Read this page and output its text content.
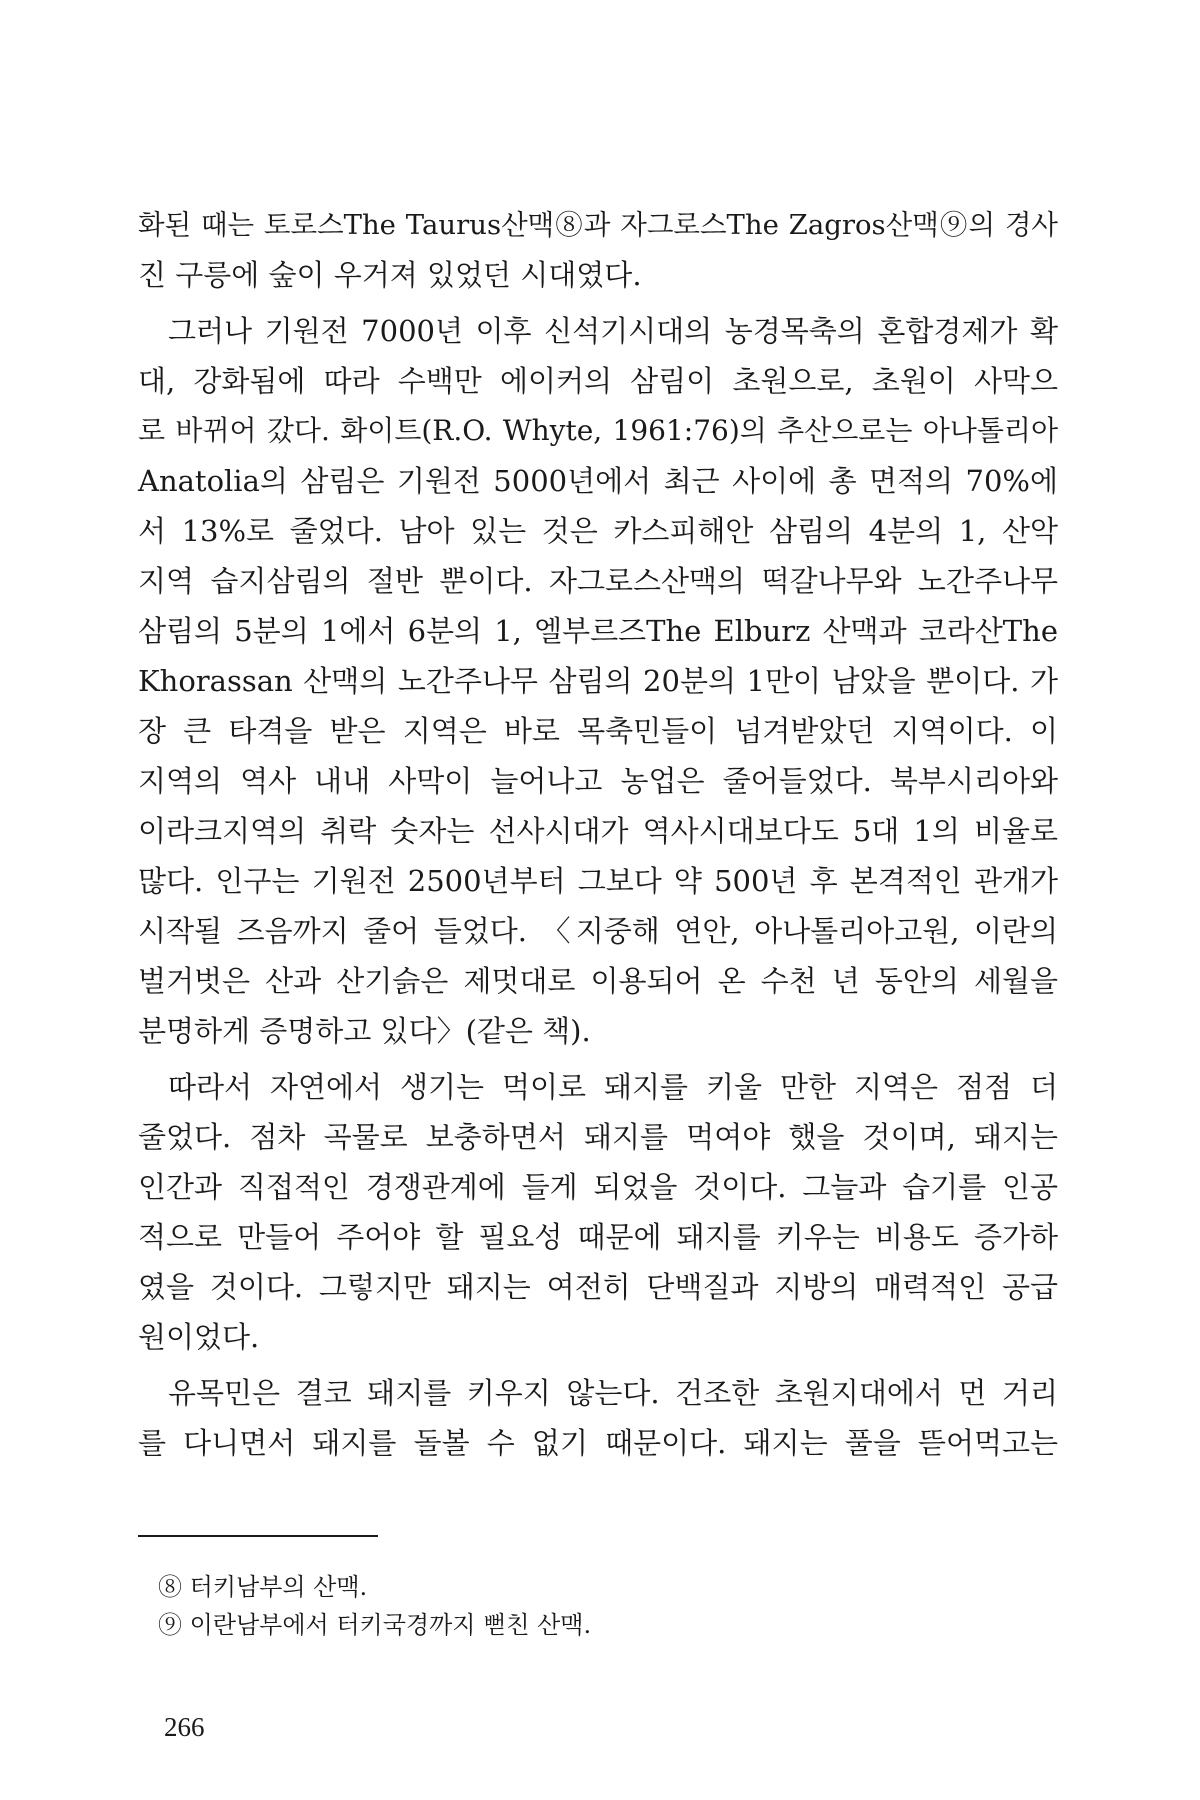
화된 때는 토로스The Taurus산맥⑧과 자그로스The Zagros산맥⑨의 경사
진 구릉에 숲이 우거져 있었던 시대였다.
그러나 기원전 7000년 이후 신석기시대의 농경목축의 혼합경제가 확
대, 강화됨에 따라 수백만 에이커의 삼림이 초원으로, 초원이 사막으
로 바뀌어 갔다. 화이트(R.O. Whyte, 1961:76)의 추산으로는 아나톨리아
Anatolia의 삼림은 기원전 5000년에서 최근 사이에 총 면적의 70%에
서 13%로 줄었다. 남아 있는 것은 카스피해안 삼림의 4분의 1, 산악
지역 습지삼림의 절반 뿐이다. 자그로스산맥의 떡갈나무와 노간주나무
삼림의 5분의 1에서 6분의 1, 엘부르즈The Elburz 산맥과 코라산The
Khorassan 산맥의 노간주나무 삼림의 20분의 1만이 남았을 뿐이다. 가
장 큰 타격을 받은 지역은 바로 목축민들이 넘겨받았던 지역이다. 이
지역의 역사 내내 사막이 늘어나고 농업은 줄어들었다. 북부시리아와
이라크지역의 취락 숫자는 선사시대가 역사시대보다도 5대 1의 비율로
많다. 인구는 기원전 2500년부터 그보다 약 500년 후 본격적인 관개가
시작될 즈음까지 줄어 들었다. 〈지중해 연안, 아나톨리아고원, 이란의
벌거벗은 산과 산기슭은 제멋대로 이용되어 온 수천 년 동안의 세월을
분명하게 증명하고 있다〉(같은 책).
따라서 자연에서 생기는 먹이로 돼지를 키울 만한 지역은 점점 더
줄었다. 점차 곡물로 보충하면서 돼지를 먹여야 했을 것이며, 돼지는
인간과 직접적인 경쟁관계에 들게 되었을 것이다. 그늘과 습기를 인공
적으로 만들어 주어야 할 필요성 때문에 돼지를 키우는 비용도 증가하
였을 것이다. 그렇지만 돼지는 여전히 단백질과 지방의 매력적인 공급
원이었다.
유목민은 결코 돼지를 키우지 않는다. 건조한 초원지대에서 먼 거리
를 다니면서 돼지를 돌볼 수 없기 때문이다. 돼지는 풀을 뜯어먹고는
⑧ 터키남부의 산맥.
⑨ 이란남부에서 터키국경까지 뻗친 산맥.
266
